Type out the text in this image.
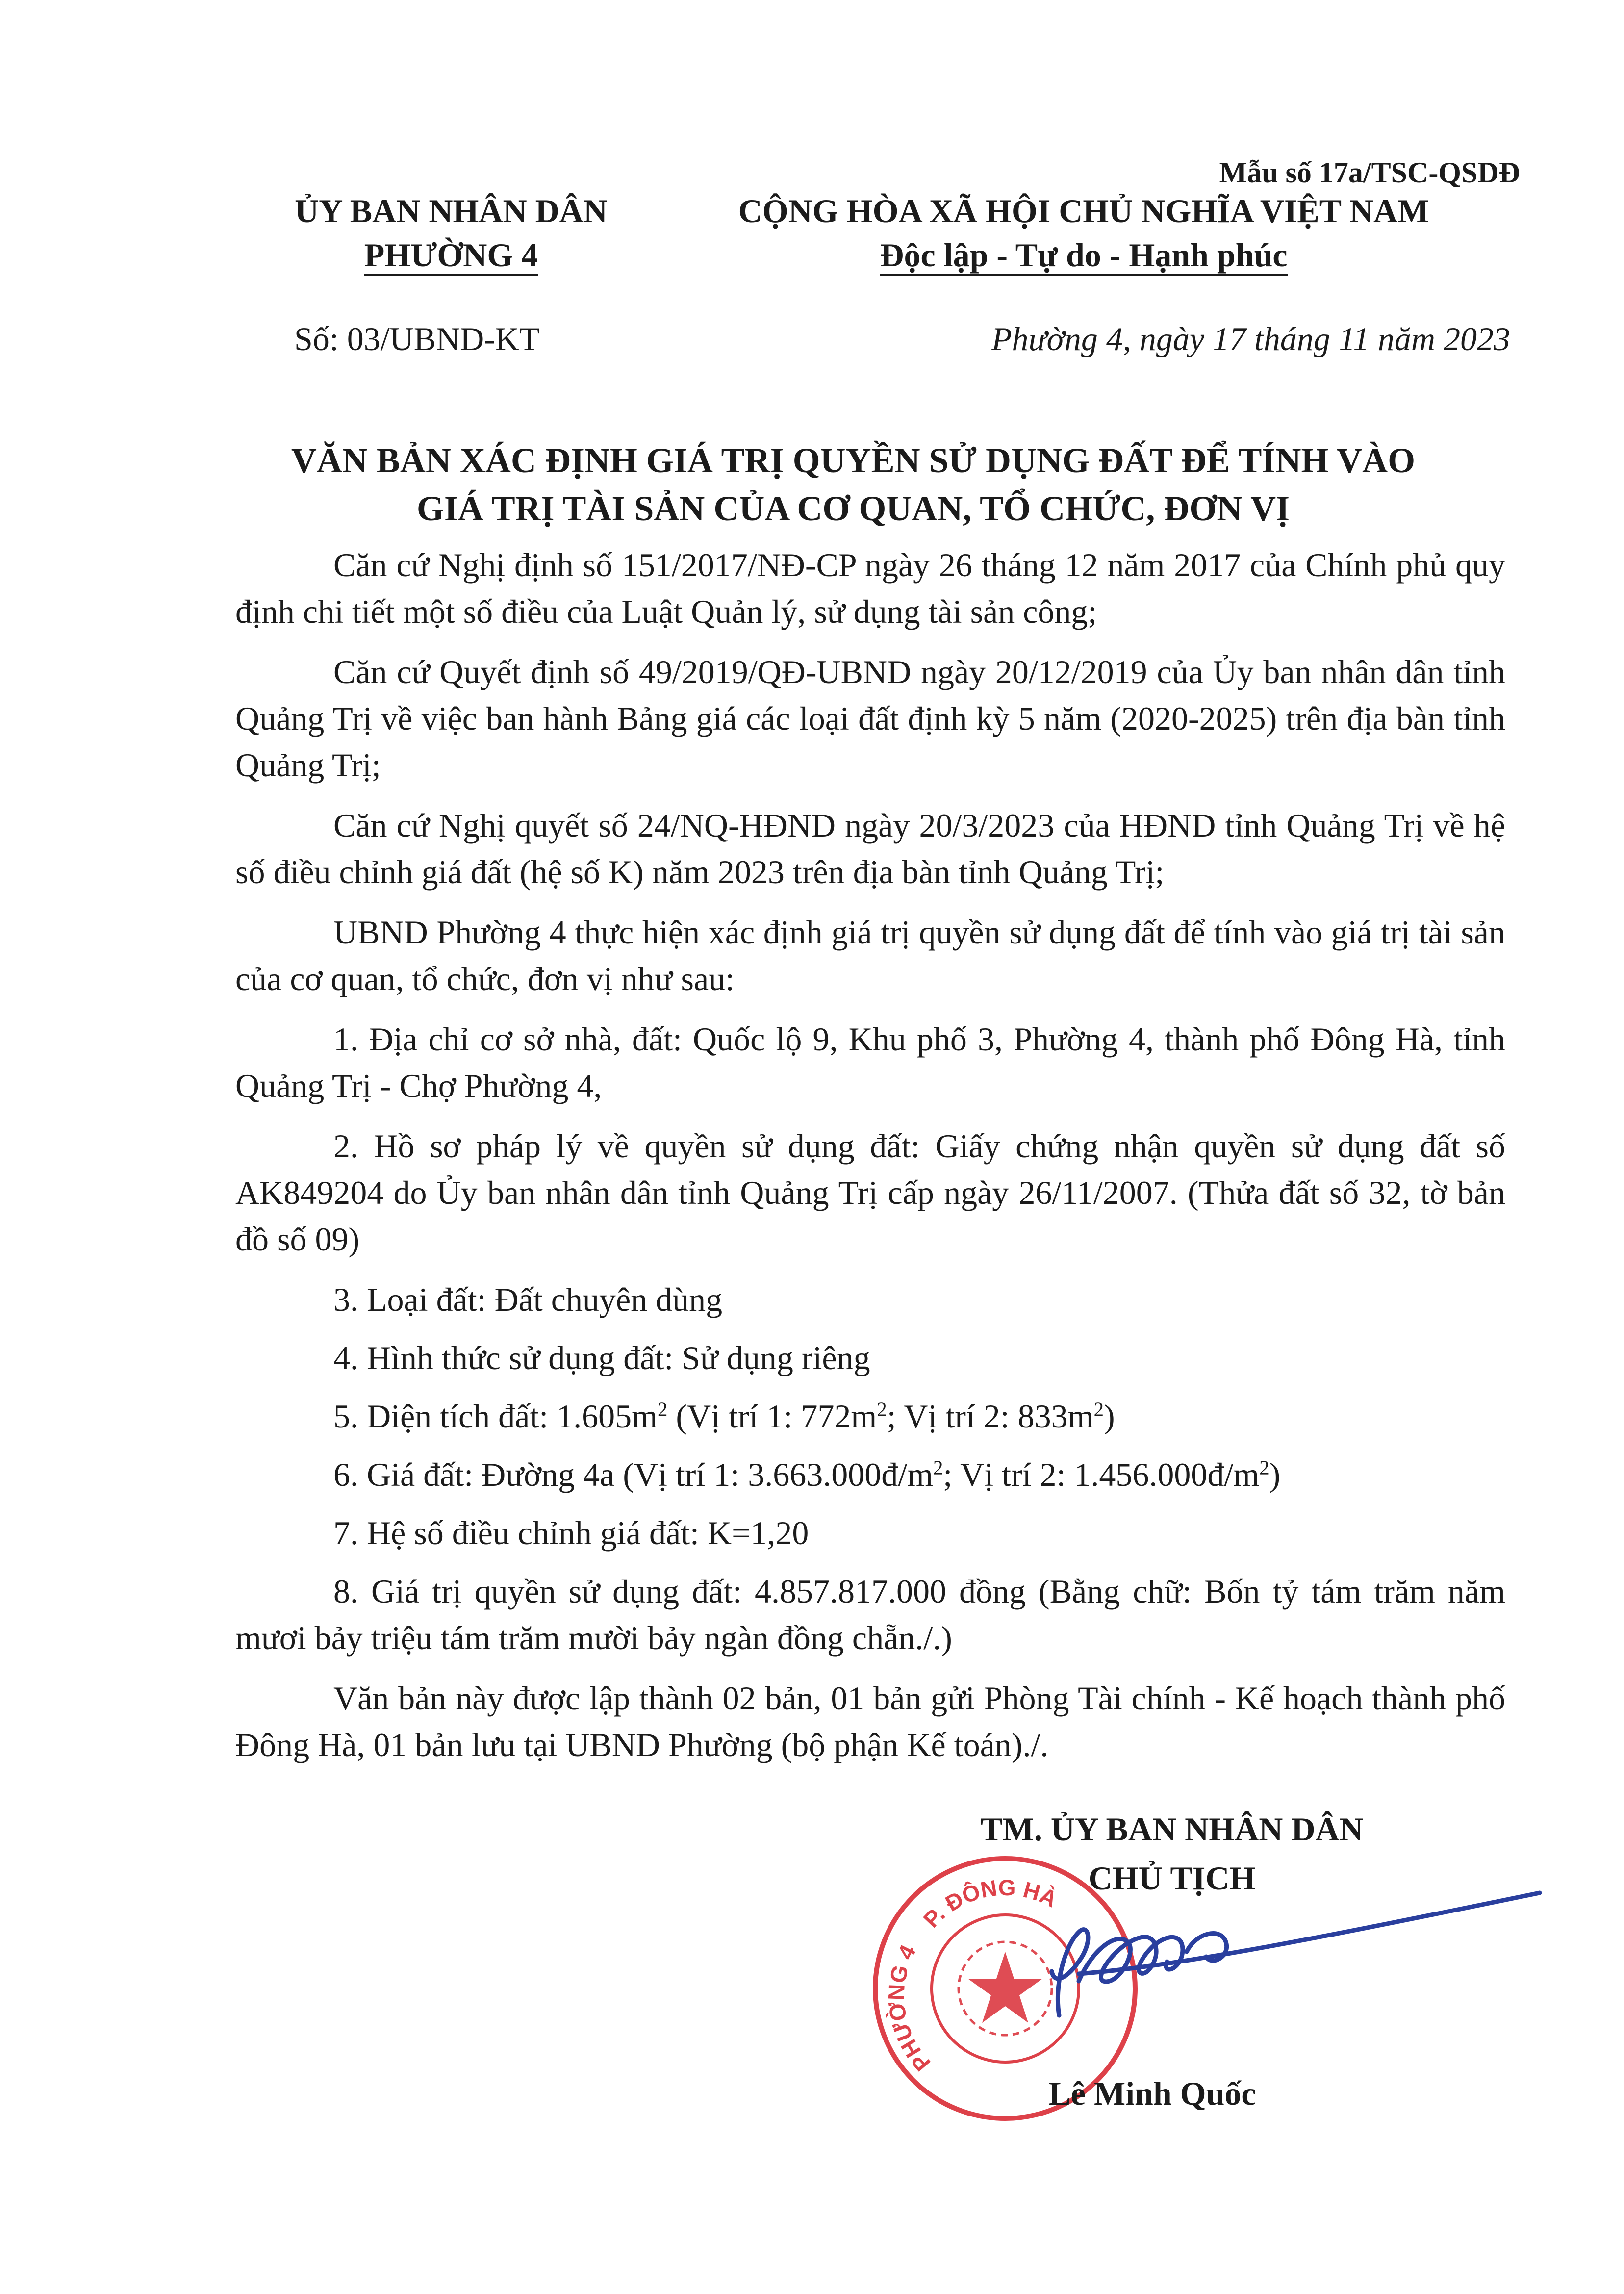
Mẫu số 17a/TSC-QSDĐ
ỦY BAN NHÂN DÂN
PHƯỜNG 4
CỘNG HÒA XÃ HỘI CHỦ NGHĨA VIỆT NAM
Độc lập - Tự do - Hạnh phúc
Số: 03/UBND-KT	Phường 4, ngày 17 tháng 11 năm 2023
VĂN BẢN XÁC ĐỊNH GIÁ TRỊ QUYỀN SỬ DỤNG ĐẤT ĐỂ TÍNH VÀO
GIÁ TRỊ TÀI SẢN CỦA CƠ QUAN, TỔ CHỨC, ĐƠN VỊ

Căn cứ Nghị định số 151/2017/NĐ-CP ngày 26 tháng 12 năm 2017 của Chính phủ quy định chi tiết một số điều của Luật Quản lý, sử dụng tài sản công;

Căn cứ Quyết định số 49/2019/QĐ-UBND ngày 20/12/2019 của Ủy ban nhân dân tỉnh Quảng Trị về việc ban hành Bảng giá các loại đất định kỳ 5 năm (2020-2025) trên địa bàn tỉnh Quảng Trị;

Căn cứ Nghị quyết số 24/NQ-HĐND ngày 20/3/2023 của HĐND tỉnh Quảng Trị về hệ số điều chỉnh giá đất (hệ số K) năm 2023 trên địa bàn tỉnh Quảng Trị;

UBND Phường 4 thực hiện xác định giá trị quyền sử dụng đất để tính vào giá trị tài sản của cơ quan, tổ chức, đơn vị như sau:

1. Địa chỉ cơ sở nhà, đất: Quốc lộ 9, Khu phố 3, Phường 4, thành phố Đông Hà, tỉnh Quảng Trị - Chợ Phường 4,

2. Hồ sơ pháp lý về quyền sử dụng đất: Giấy chứng nhận quyền sử dụng đất số AK849204 do Ủy ban nhân dân tỉnh Quảng Trị cấp ngày 26/11/2007. (Thửa đất số 32, tờ bản đồ số 09)

3. Loại đất: Đất chuyên dùng

4. Hình thức sử dụng đất: Sử dụng riêng

5. Diện tích đất: $1.605m^2$ (Vị trí 1: $772m^2$; Vị trí 2: $833m^2$)

6. Giá đất: Đường 4a (Vị trí 1: $3.663.000đ/m^2$; Vị trí 2: $1.456.000đ/m^2$)

7. Hệ số điều chỉnh giá đất: K=1,20

8. Giá trị quyền sử dụng đất: 4.857.817.000 đồng (Bằng chữ: Bốn tỷ tám trăm năm mươi bảy triệu tám trăm mười bảy ngàn đồng chẵn./.)

Văn bản này được lập thành 02 bản, 01 bản gửi Phòng Tài chính - Kế hoạch thành phố Đông Hà, 01 bản lưu tại UBND Phường (bộ phận Kế toán)./.

P. ĐÔNG HÀ
PHƯỜNG 4
TM. ỦY BAN NHÂN DÂN
CHỦ TỊCH
Lê Minh Quốc
